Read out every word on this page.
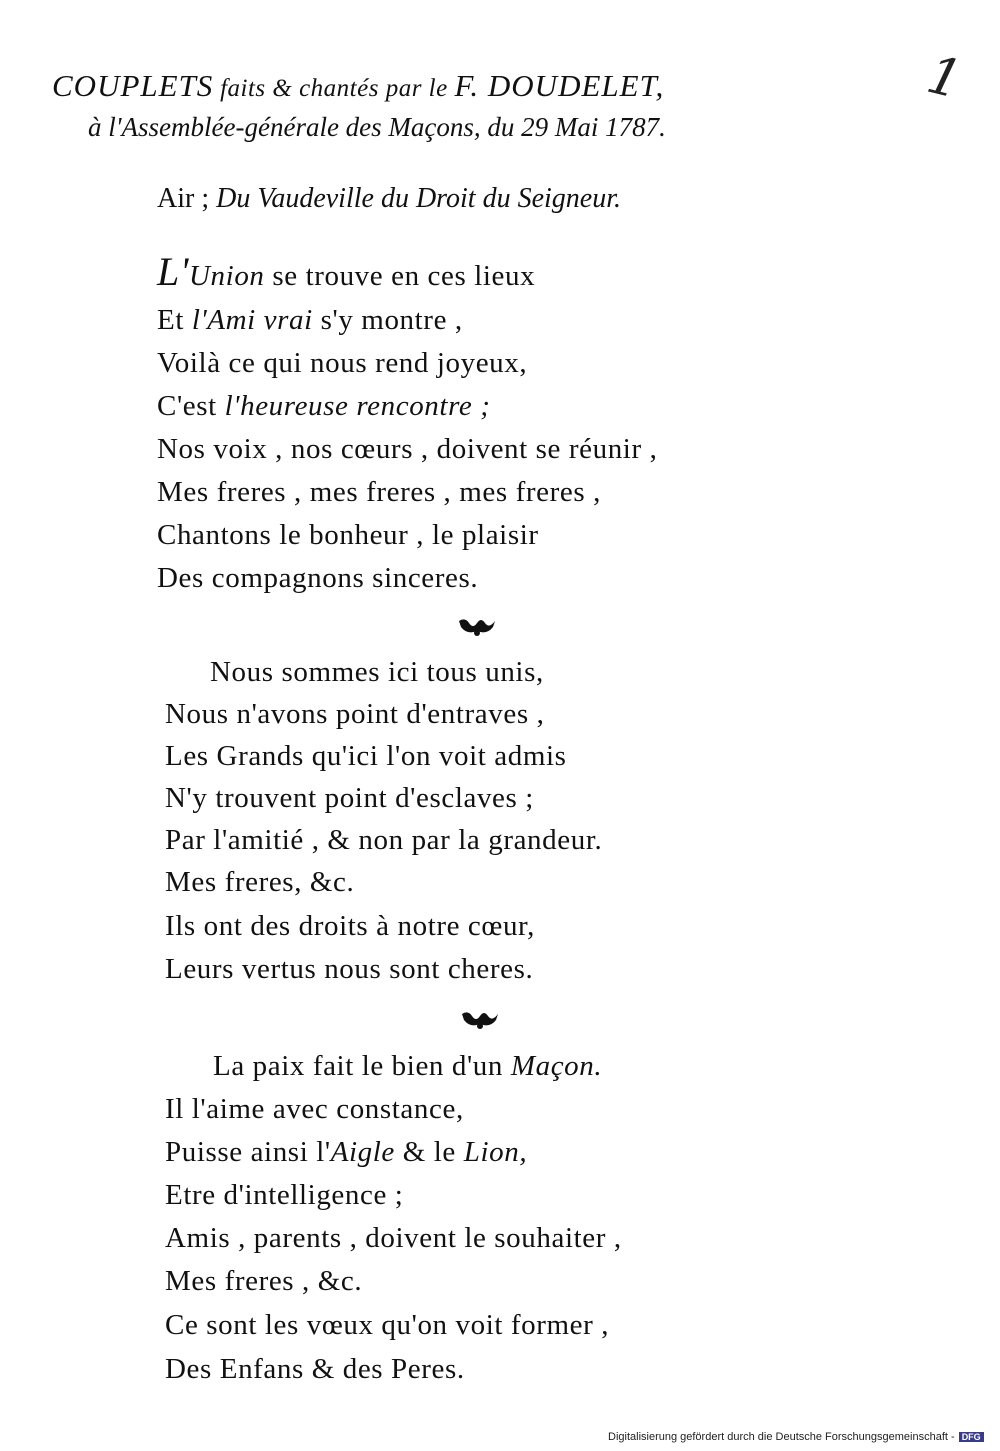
1
COUPLETS faits & chantés par le F. DOUDELET,
à l'Assemblée-générale des Maçons, du 29 Mai 1787.
Air ; Du Vaudeville du Droit du Seigneur.
L'Union se trouve en ces lieux
Et l'Ami vrai s'y montre ,
Voilà ce qui nous rend joyeux,
C'est l'heureuse rencontre ;
Nos voix , nos cœurs , doivent se réunir ,
Mes freres , mes freres , mes freres ,
Chantons le bonheur , le plaisir
Des compagnons sinceres.
Nous sommes ici tous unis,
Nous n'avons point d'entraves ,
Les Grands qu'ici l'on voit admis
N'y trouvent point d'esclaves ;
Par l'amitié , & non par la grandeur.
Mes freres, &c.
Ils ont des droits à notre cœur,
Leurs vertus nous sont cheres.
La paix fait le bien d'un Maçon.
Il l'aime avec constance,
Puisse ainsi l'Aigle & le Lion,
Etre d'intelligence ;
Amis , parents , doivent le souhaiter ,
Mes freres , &c.
Ce sont les vœux qu'on voit former ,
Des Enfans & des Peres.
Digitalisierung gefördert durch die Deutsche Forschungsgemeinschaft - DFG
